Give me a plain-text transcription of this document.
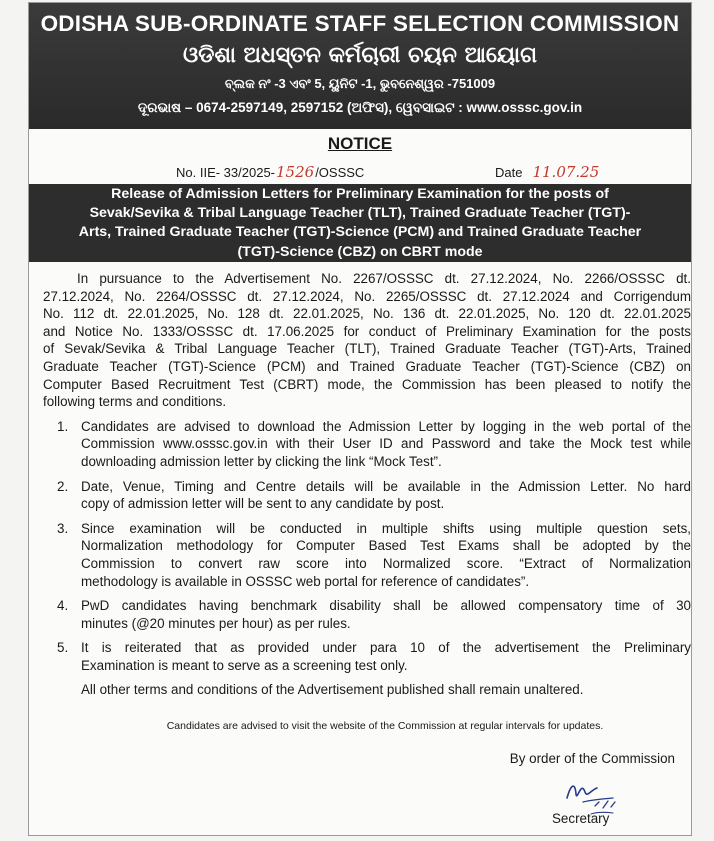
ODISHA SUB-ORDINATE STAFF SELECTION COMMISSION
ଓଡିଶା ଅଧସ୍ତନ କର୍ମଚାରୀ ଚୟନ ଆୟୋଗ
ବ୍ଲକ ନଂ -3 ଏବଂ 5, ୟୁନିଟ -1, ଭୁବନେଶ୍ୱର -751009
ଦୂରଭାଷ – 0674-2597149, 2597152 (ଅଫିସ), ୱେବସାଇଟ : www.osssc.gov.in
NOTICE
No. IIE- 33/2025-1526/OSSSC	Date 11.07.25
Release of Admission Letters for Preliminary Examination for the posts of
Sevak/Sevika & Tribal Language Teacher (TLT), Trained Graduate Teacher (TGT)-
Arts, Trained Graduate Teacher (TGT)-Science (PCM) and Trained Graduate Teacher
(TGT)-Science (CBZ) on CBRT mode

In pursuance to the Advertisement No. 2267/OSSSC dt. 27.12.2024, No. 2266/OSSSC dt.

27.12.2024, No. 2264/OSSSC dt. 27.12.2024, No. 2265/OSSSC dt. 27.12.2024 and Corrigendum

No. 112 dt. 22.01.2025, No. 128 dt. 22.01.2025, No. 136 dt. 22.01.2025, No. 120 dt. 22.01.2025

and Notice No. 1333/OSSSC dt. 17.06.2025 for conduct of Preliminary Examination for the posts

of Sevak/Sevika & Tribal Language Teacher (TLT), Trained Graduate Teacher (TGT)-Arts, Trained

Graduate Teacher (TGT)-Science (PCM) and Trained Graduate Teacher (TGT)-Science (CBZ) on

Computer Based Recruitment Test (CBRT) mode, the Commission has been pleased to notify the

following terms and conditions.

1. Candidates are advised to download the Admission Letter by logging in the web portal of the

Commission www.osssc.gov.in with their User ID and Password and take the Mock test while

downloading admission letter by clicking the link “Mock Test”.

2. Date, Venue, Timing and Centre details will be available in the Admission Letter. No hard

copy of admission letter will be sent to any candidate by post.

3. Since examination will be conducted in multiple shifts using multiple question sets,

Normalization methodology for Computer Based Test Exams shall be adopted by the

Commission to convert raw score into Normalized score. “Extract of Normalization

methodology is available in OSSSC web portal for reference of candidates”.

4. PwD candidates having benchmark disability shall be allowed compensatory time of 30

minutes (@20 minutes per hour) as per rules.

5. It is reiterated that as provided under para 10 of the advertisement the Preliminary

Examination is meant to serve as a screening test only.

All other terms and conditions of the Advertisement published shall remain unaltered.

Candidates are advised to visit the website of the Commission at regular intervals for updates.
By order of the Commission
Secretary
